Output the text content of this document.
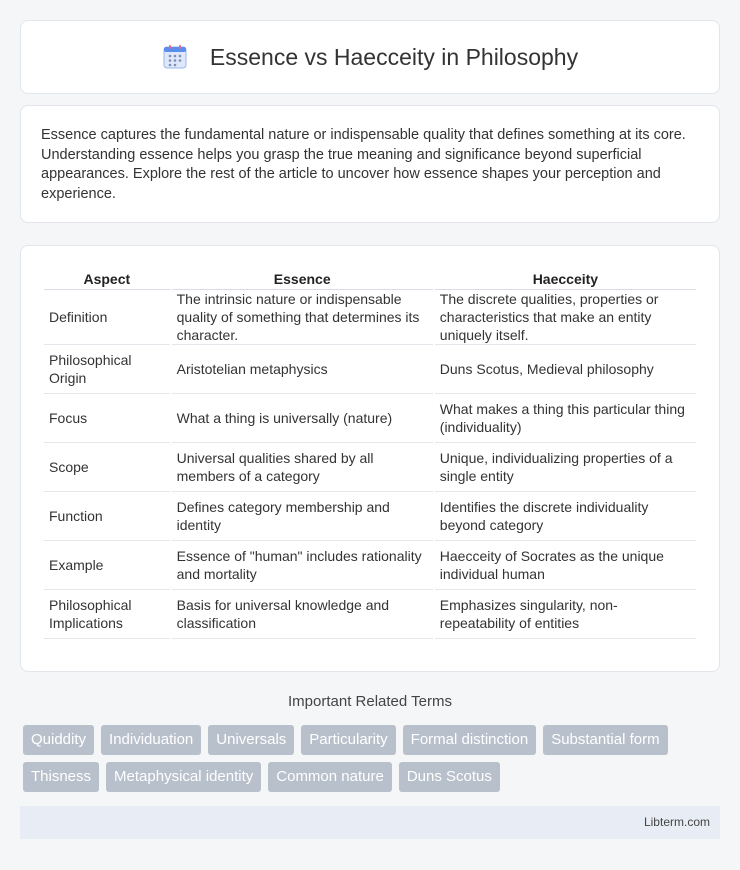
Essence vs Haecceity in Philosophy

Essence captures the fundamental nature or indispensable quality that defines something at its core. Understanding essence helps you grasp the true meaning and significance beyond superficial appearances. Explore the rest of the article to uncover how essence shapes your perception and experience.

Aspect	Essence	Haecceity
Definition	The intrinsic nature or indispensable quality of something that determines its character.	The discrete qualities, properties or characteristics that make an entity uniquely itself.
Philosophical Origin	Aristotelian metaphysics	Duns Scotus, Medieval philosophy
Focus	What a thing is universally (nature)	What makes a thing this particular thing (individuality)
Scope	Universal qualities shared by all members of a category	Unique, individualizing properties of a single entity
Function	Defines category membership and identity	Identifies the discrete individuality beyond category
Example	Essence of "human" includes rationality and mortality	Haecceity of Socrates as the unique individual human
Philosophical Implications	Basis for universal knowledge and classification	Emphasizes singularity, non-repeatability of entities
Important Related Terms
Quiddity	Individuation	Universals	Particularity	Formal distinction	Substantial form
Thisness	Metaphysical identity	Common nature	Duns Scotus
Libterm.com
